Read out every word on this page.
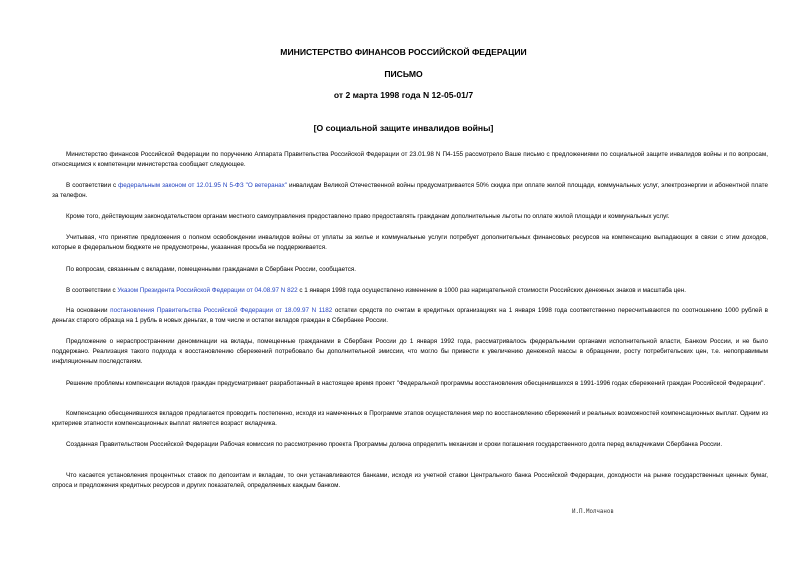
МИНИСТЕРСТВО ФИНАНСОВ РОССИЙСКОЙ ФЕДЕРАЦИИ
ПИСЬМО
от 2 марта 1998 года N 12-05-01/7
[О социальной защите инвалидов войны]

Министерство финансов Российской Федерации по поручению Аппарата Правительства Российской Федерации от 23.01.98 N П4-155 рассмотрело Ваше письмо с предложениями по социальной защите инвалидов войны и по вопросам, относящимся к компетенции министерства сообщает следующее.

В соответствии с федеральным законом от 12.01.95 N 5-ФЗ "О ветеранах" инвалидам Великой Отечественной войны предусматривается 50% скидка при оплате жилой площади, коммунальных услуг, электроэнергии и абонентной плате за телефон.

Кроме того, действующим законодательством органам местного самоуправления предоставлено право предоставлять гражданам дополнительные льготы по оплате жилой площади и коммунальных услуг.

Учитывая, что принятие предложения о полном освобождении инвалидов войны от уплаты за жилье и коммунальные услуги потребует дополнительных финансовых ресурсов на компенсацию выпадающих в связи с этим доходов, которые в федеральном бюджете не предусмотрены, указанная просьба не поддерживается.

По вопросам, связанным с вкладами, помещенными гражданами в Сбербанк России, сообщается.

В соответствии с Указом Президента Российской Федерации от 04.08.97 N 822 с 1 января 1998 года осуществлено изменение в 1000 раз нарицательной стоимости Российских денежных знаков и масштаба цен.

На основании постановления Правительства Российской Федерации от 18.09.97 N 1182 остатки средств по счетам в кредитных организациях на 1 января 1998 года соответственно пересчитываются по соотношению 1000 рублей в деньгах старого образца на 1 рубль в новых деньгах, в том числе и остатки вкладов граждан в Сбербанке России.

Предложение о нераспространении деноминации на вклады, помещенные гражданами в Сбербанк России до 1 января 1992 года, рассматривалось федеральными органами исполнительной власти, Банком России, и не было поддержано. Реализация такого подхода к восстановлению сбережений потребовало бы дополнительной эмиссии, что могло бы привести к увеличению денежной массы в обращении, росту потребительских цен, т.е. непоправимым инфляционным последствиям.

Решение проблемы компенсации вкладов граждан предусматривает разработанный в настоящее время проект "Федеральной программы восстановления обесценившихся в 1991-1996 годах сбережений граждан Российской Федерации".

Компенсацию обесценившихся вкладов предлагается проводить постепенно, исходя из намеченных в Программе этапов осуществления мер по восстановлению сбережений и реальных возможностей компенсационных выплат. Одним из критериев этапности компенсационных выплат является возраст вкладчика.

Созданная Правительством Российской Федерации Рабочая комиссия по рассмотрению проекта Программы должна определить механизм и сроки погашения государственного долга перед вкладчиками Сбербанка России.

Что касается установления процентных ставок по депозитам и вкладам, то они устанавливаются банками, исходя из учетной ставки Центрального банка Российской Федерации, доходности на рынке государственных ценных бумаг, спроса и предложения кредитных ресурсов и других показателей, определяемых каждым банком.

И.П.Молчанов
